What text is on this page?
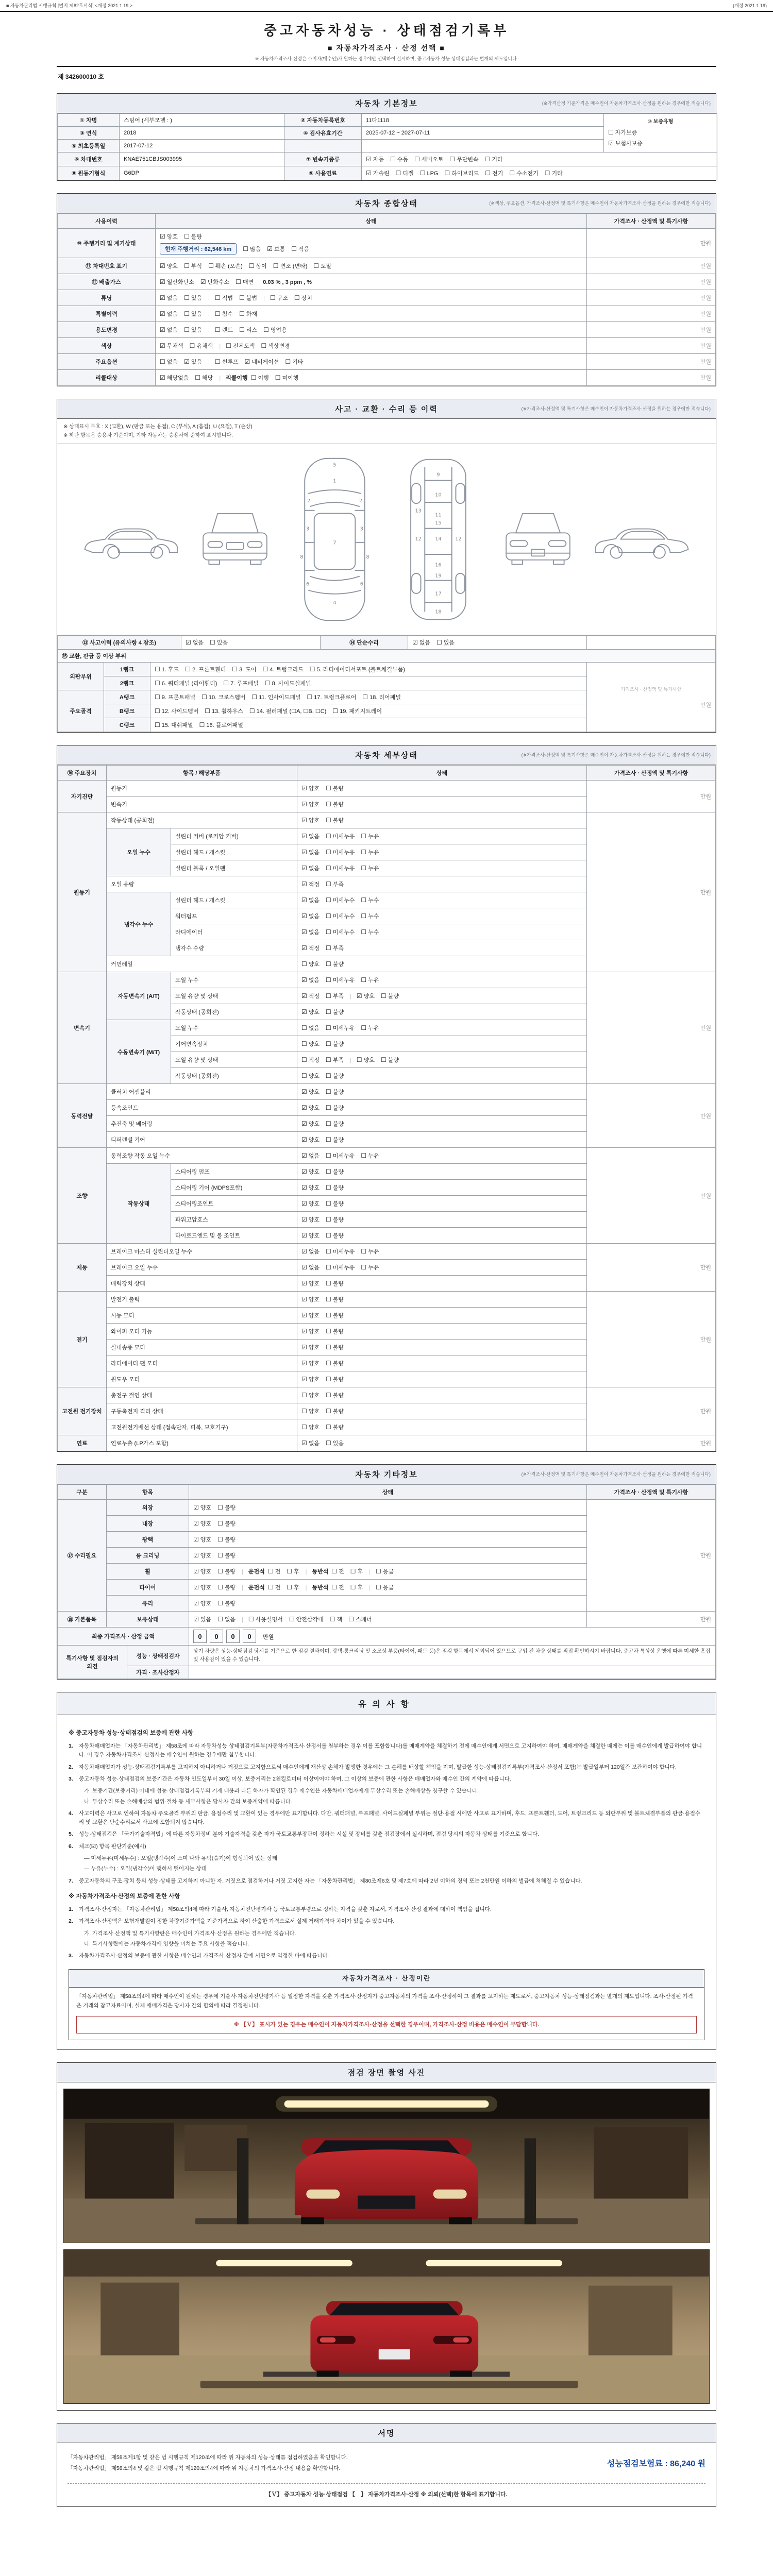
■ 자동차관리법 시행규칙 [별지 제82호서식] <개정 2021.1.19.>	(개정 2021.1.19)
중고자동차성능 · 상태점검기록부
■ 자동차가격조사 · 산정 선택 ■
※ 자동차가격조사·산정은 소비자(매수인)가 원하는 경우에만 선택하여 실시하며, 중고자동차 성능·상태점검과는 별개의 제도입니다.
제 342600010 호
자동차 기본정보	(※가격산정 기준가격은 매수인이 자동차가격조사·산정을 원하는 경우에만 적습니다)
① 차명	스팅어 (세부모델 : )	② 자동차등록번호	11다1118	⑩ 보증유형
☐ 자가보증
☑ 보험사보증

③ 연식	2018	④ 검사유효기간	2025-07-12 ~ 2027-07-11	
⑤ 최초등록일	2017-07-12			
⑥ 차대번호	KNAE751CBJS003995	⑦ 변속기종류	☑ 자동 ☐ 수동 ☐ 세미오토 ☐ 무단변속 ☐ 기타	
⑧ 원동기형식	G6DP	⑨ 사용연료	☑ 가솔린 ☐ 디젤 ☐ LPG ☐ 하이브리드 ☐ 전기 ☐ 수소전기 ☐ 기타	
자동차 종합상태	(※색상, 주요옵션, 가격조사·산정액 및 특기사항은 매수인이 자동차가격조사·산정을 원하는 경우에만 적습니다)
사용이력	상태	가격조사 · 산정액 및 특기사항
⑩ 주행거리 및 계기상태	☑ 양호 ☐ 불량
현재 주행거리 : 62,546 km ☐ 많음 ☑ 보통 ☐ 적음	만원
⑪ 차대번호 표기	☑ 양호 ☐ 부식 ☐ 훼손 (오손) ☐ 상이 ☐ 변조 (변타) ☐ 도말	만원
⑫ 배출가스	☑ 일산화탄소 ☑ 탄화수소 ☐ 매연 0.03 % , 3 ppm , %	만원
튜닝	☑ 없음 ☐ 있음 | ☐ 적법 ☐ 불법 | ☐ 구조 ☐ 장치	만원
특별이력	☑ 없음 ☐ 있음 | ☐ 침수 ☐ 화재	만원
용도변경	☑ 없음 ☐ 있음 | ☐ 렌트 ☐ 리스 ☐ 영업용	만원
색상	☑ 무채색 ☐ 유채색 | ☐ 전체도색 ☐ 색상변경	만원
주요옵션	☐ 없음 ☑ 있음 | ☐ 썬루프 ☑ 네비게이션 ☐ 기타	만원
리콜대상	☑ 해당없음 ☐ 해당 | 리콜이행 ☐ 이행 ☐ 미이행	만원
사고 · 교환 · 수리 등 이력	(※가격조사·산정액 및 특기사항은 매수인이 자동차가격조사·산정을 원하는 경우에만 적습니다)
※ 상태표시 부호 : X (교환), W (판금 또는 용접), C (부식), A (흠집), U (요철), T (손상)
※ 하단 항목은 승용차 기준이며, 기타 자동차는 승용차에 준하여 표시합니다.
5
1
2	2
3	3
7
6	6
4
8	8
9
10
11
12	12
13
14
15
16
17
18
19
⑬ 사고이력 (유의사항 4 참조)	☑ 없음 ☐ 있음	⑭ 단순수리	☑ 없음 ☐ 있음	
⑮ 교환, 판금 등 이상 부위
외판부위	1랭크	☐ 1. 후드 ☐ 2. 프론트휀더 ☐ 3. 도어 ☐ 4. 트렁크리드 ☐ 5. 라디에이터서포트 (볼트체결부품)	가격조사 · 산정액 및 특기사항
만원
	2랭크	☐ 6. 쿼터패널 (리어휀더) ☐ 7. 루프패널 ☐ 8. 사이드실패널	
주요골격	A랭크	☐ 9. 프론트패널 ☐ 10. 크로스멤버 ☐ 11. 인사이드패널 ☐ 17. 트렁크플로어 ☐ 18. 리어패널	
	B랭크	☐ 12. 사이드멤버 ☐ 13. 휠하우스 ☐ 14. 필러패널 (☐A, ☐B, ☐C) ☐ 19. 패키지트레이	
	C랭크	☐ 15. 대쉬패널 ☐ 16. 플로어패널	
자동차 세부상태	(※가격조사·산정액 및 특기사항은 매수인이 자동차가격조사·산정을 원하는 경우에만 적습니다)
⑯ 주요장치	항목 / 해당부품		상태	가격조사 · 산정액 및 특기사항
자기진단	원동기		☑ 양호 ☐ 불량	만원
	변속기		☑ 양호 ☐ 불량	

원동기	작동상태 (공회전)		☑ 양호 ☐ 불량	만원
	오일 누수	실린더 커버 (로커암 커버)	☑ 없음 ☐ 미세누유 ☐ 누유	

		실린더 헤드 / 개스킷	☑ 없음 ☐ 미세누유 ☐ 누유	

		실린더 블록 / 오일팬	☑ 없음 ☐ 미세누유 ☐ 누유	

	오일 유량		☑ 적정 ☐ 부족	

	냉각수 누수	실린더 헤드 / 개스킷	☑ 없음 ☐ 미세누수 ☐ 누수	

		워터펌프	☑ 없음 ☐ 미세누수 ☐ 누수	

		라디에이터	☑ 없음 ☐ 미세누수 ☐ 누수	

		냉각수 수량	☑ 적정 ☐ 부족	

	커먼레일		☐ 양호 ☐ 불량	

변속기	자동변속기 (A/T)	오일 누수	☑ 없음 ☐ 미세누유 ☐ 누유	만원
		오일 유량 및 상태	☑ 적정 ☐ 부족 | ☑ 양호 ☐ 불량	

		작동상태 (공회전)	☑ 양호 ☐ 불량	

	수동변속기 (M/T)	오일 누수	☐ 없음 ☐ 미세누유 ☐ 누유	

		기어변속장치	☐ 양호 ☐ 불량	

		오일 유량 및 상태	☐ 적정 ☐ 부족 | ☐ 양호 ☐ 불량	

		작동상태 (공회전)	☐ 양호 ☐ 불량	

동력전달	클러치 어셈블리		☑ 양호 ☐ 불량	만원
	등속조인트		☑ 양호 ☐ 불량	

	추진축 및 베어링		☑ 양호 ☐ 불량	

	디퍼렌셜 기어		☑ 양호 ☐ 불량	

조향	동력조향 작동 오일 누수		☑ 없음 ☐ 미세누유 ☐ 누유	만원
	작동상태	스티어링 펌프	☑ 양호 ☐ 불량	

		스티어링 기어 (MDPS포함)	☑ 양호 ☐ 불량	

		스티어링조인트	☑ 양호 ☐ 불량	

		파워고압호스	☑ 양호 ☐ 불량	

		타이로드엔드 및 볼 조인트	☑ 양호 ☐ 불량	

제동	브레이크 마스터 실린더오일 누수		☑ 없음 ☐ 미세누유 ☐ 누유	만원
	브레이크 오일 누수		☑ 없음 ☐ 미세누유 ☐ 누유	

	배력장치 상태		☑ 양호 ☐ 불량	

전기	발전기 출력		☑ 양호 ☐ 불량	만원
	시동 모터		☑ 양호 ☐ 불량	

	와이퍼 모터 기능		☑ 양호 ☐ 불량	

	실내송풍 모터		☑ 양호 ☐ 불량	

	라디에이터 팬 모터		☑ 양호 ☐ 불량	

	윈도우 모터		☑ 양호 ☐ 불량	

고전원 전기장치	충전구 절연 상태		☐ 양호 ☐ 불량	만원
	구동축전지 격리 상태		☐ 양호 ☐ 불량	

	고전원전기배선 상태 (접속단자, 피복, 보호기구)		☐ 양호 ☐ 불량	

연료	연료누출 (LP가스 포함)		☑ 없음 ☐ 있음	만원
자동차 기타정보	(※가격조사·산정액 및 특기사항은 매수인이 자동차가격조사·산정을 원하는 경우에만 적습니다)
구분	항목	상태	가격조사 · 산정액 및 특기사항
⑰ 수리필요	외장	☑ 양호 ☐ 불량	만원
	내장	☑ 양호 ☐ 불량	

	광택	☑ 양호 ☐ 불량	

	룸 크리닝	☑ 양호 ☐ 불량	

	휠	☑ 양호 ☐ 불량 | 운전석 ☐ 전 ☐ 후 | 동반석 ☐ 전 ☐ 후 | ☐ 응급	

	타이어	☑ 양호 ☐ 불량 | 운전석 ☐ 전 ☐ 후 | 동반석 ☐ 전 ☐ 후 | ☐ 응급	

	유리	☑ 양호 ☐ 불량	

⑱ 기본품목	보유상태	☑ 있음 ☐ 없음 | ☐ 사용설명서 ☐ 안전삼각대 ☐ 잭 ☐ 스패너	만원
최종 가격조사 · 산정 금액	0 0 0 0 만원
특기사항 및 점검자의 의견	성능 · 상태점검자	상기 차량은 성능·상태점검 당시를 기준으로 한 점검 결과이며, 광택·룸크리닝 및 소모성 부품(타이어, 패드 등)은 점검 항목에서 제외되어 있으므로 구입 전 차량 상태를 직접 확인하시기 바랍니다. 중고차 특성상 운행에 따른 미세한 흠집 및 사용감이 있을 수 있습니다.
	가격 · 조사산정자	
유의사항
※ 중고자동차 성능·상태점검의 보증에 관한 사항
1.	자동차매매업자는 「자동차관리법」 제58조에 따라 자동차성능·상태점검기록부(자동차가격조사·산정서를 첨부하는 경우 이를 포함합니다)를 매매계약을 체결하기 전에 매수인에게 서면으로 고지하여야 하며, 매매계약을 체결한 때에는 이를 매수인에게 발급하여야 합니다. 이 경우 자동차가격조사·산정서는 매수인이 원하는 경우에만 첨부합니다.
2.	자동차매매업자가 성능·상태점검기록부를 고지하지 아니하거나 거짓으로 고지함으로써 매수인에게 재산상 손해가 발생한 경우에는 그 손해를 배상할 책임을 지며, 발급한 성능·상태점검기록부(가격조사·산정서 포함)는 발급일부터 120일간 보관하여야 합니다.
3.	중고자동차 성능·상태점검의 보증기간은 자동차 인도일부터 30일 이상, 보증거리는 2천킬로미터 이상이어야 하며, 그 이상의 보증에 관한 사항은 매매업자와 매수인 간의 계약에 따릅니다.
가. 보증기간(보증거리) 이내에 성능·상태점검기록부의 기재 내용과 다른 하자가 확인된 경우 매수인은 자동차매매업자에게 무상수리 또는 손해배상을 청구할 수 있습니다.
나. 무상수리 또는 손해배상의 범위·절차 등 세부사항은 당사자 간의 보증계약에 따릅니다.
4.	사고이력은 사고로 인하여 자동차 주요골격 부위의 판금, 용접수리 및 교환이 있는 경우에만 표기합니다. 다만, 쿼터패널, 루프패널, 사이드실패널 부위는 절단·용접 시에만 사고로 표기하며, 후드, 프론트휀더, 도어, 트렁크리드 등 외판부위 및 볼트체결부품의 판금·용접수리 및 교환은 단순수리로서 사고에 포함되지 않습니다.
5.	성능·상태점검은 「국가기술자격법」에 따른 자동차정비 분야 기술자격을 갖춘 자가 국토교통부장관이 정하는 시설 및 장비를 갖춘 점검장에서 실시하며, 점검 당시의 자동차 상태를 기준으로 합니다.
6.	체크(☑) 항목 판단기준(예시)
— 미세누유(미세누수) : 오일(냉각수)이 스며 나와 유막(습기)이 형성되어 있는 상태
— 누유(누수) : 오일(냉각수)이 맺혀서 떨어지는 상태
7.	중고자동차의 구조·장치 등의 성능·상태를 고지하지 아니한 자, 거짓으로 점검하거나 거짓 고지한 자는 「자동차관리법」 제80조제6호 및 제7호에 따라 2년 이하의 징역 또는 2천만원 이하의 벌금에 처해질 수 있습니다.
※ 자동차가격조사·산정의 보증에 관한 사항
1.	가격조사·산정자는 「자동차관리법」 제58조의4에 따라 기술사, 자동차진단평가사 등 국토교통부령으로 정하는 자격을 갖춘 자로서, 가격조사·산정 결과에 대하여 책임을 집니다.
2.	가격조사·산정액은 보험개발원이 정한 차량기준가액을 기준가격으로 하여 산출한 가격으로서 실제 거래가격과 차이가 있을 수 있습니다.
가. 가격조사·산정액 및 특기사항란은 매수인이 가격조사·산정을 원하는 경우에만 적습니다.
나. 특기사항란에는 자동차가격에 영향을 미치는 주요 사항을 적습니다.
3.	자동차가격조사·산정의 보증에 관한 사항은 매수인과 가격조사·산정자 간에 서면으로 약정한 바에 따릅니다.
자동차가격조사 · 산정이란
「자동차관리법」 제58조의4에 따라 매수인이 원하는 경우에 기술사·자동차진단평가사 등 일정한 자격을 갖춘 가격조사·산정자가 중고자동차의 가격을 조사·산정하여 그 결과를 고지하는 제도로서, 중고자동차 성능·상태점검과는 별개의 제도입니다. 조사·산정된 가격은 거래의 참고자료이며, 실제 매매가격은 당사자 간의 합의에 따라 결정됩니다.
※ 【Ｖ】 표시가 있는 경우는 매수인이 자동차가격조사·산정을 선택한 경우이며, 가격조사·산정 비용은 매수인이 부담합니다.
점검 장면 촬영 사진
서명
「자동차관리법」 제58조제1항 및 같은 법 시행규칙 제120조에 따라 위 자동차의 성능·상태를 점검하였음을 확인합니다.
「자동차관리법」 제58조의4 및 같은 법 시행규칙 제120조의4에 따라 위 자동차의 가격조사·산정 내용을 확인합니다.	성능점검보험료 : 86,240 원
【Ｖ】 중고자동차 성능·상태점검 【　】 자동차가격조사·산정 ※ 의뢰(선택)한 항목에 표기합니다.
